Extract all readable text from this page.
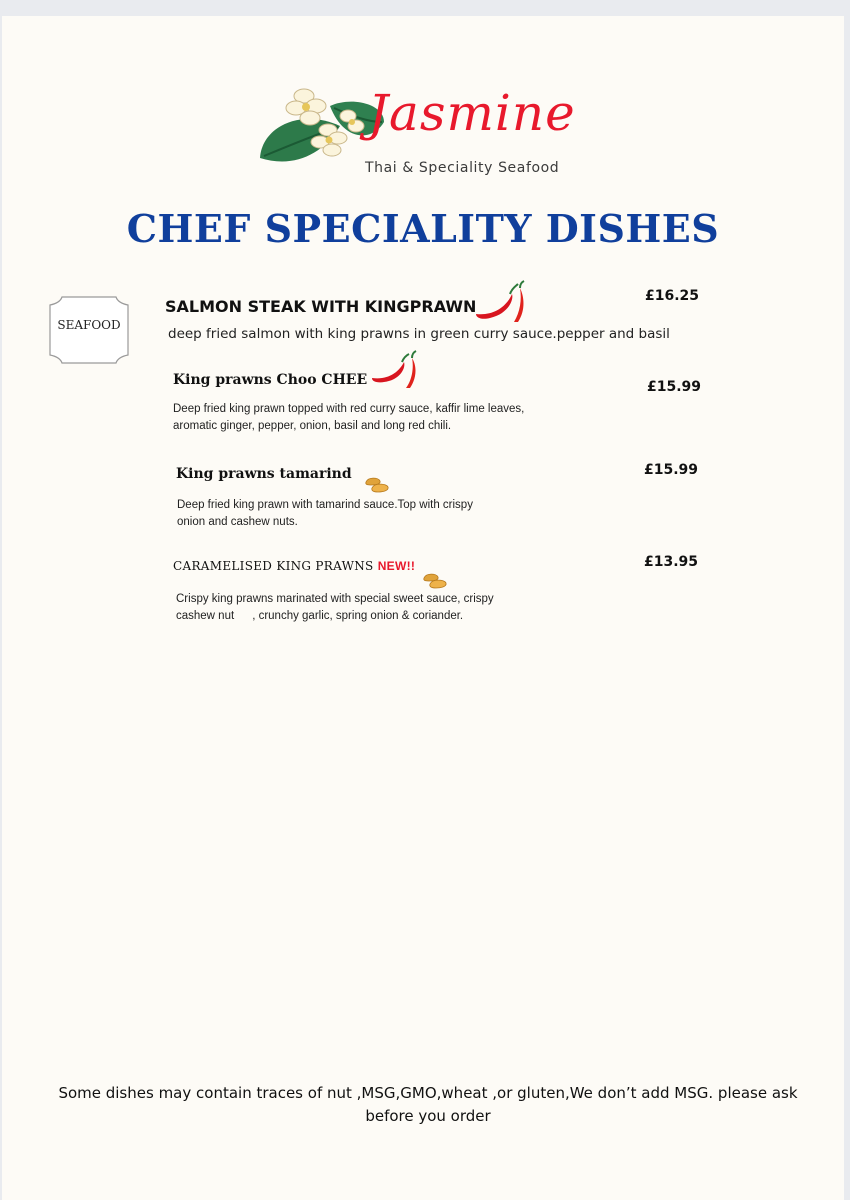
Jasmine
Thai & Speciality Seafood
CHEF SPECIALITY DISHES
SEAFOOD
SALMON STEAK WITH KINGPRAWN
£16.25
deep fried salmon with king prawns in green curry sauce.pepper and basil
King prawns Choo CHEE	£15.99
Deep fried king prawn topped with red curry sauce, kaffir lime leaves, aromatic ginger, pepper, onion, basil and long red chili.
King prawns tamarind	£15.99
Deep fried king prawn with tamarind sauce.Top with crispy onion and cashew nuts.
CARAMELISED KING PRAWNS NEW!!	£13.95
Crispy king prawns marinated with special sweet sauce, crispy cashew nut , crunchy garlic, spring onion & coriander.
Some dishes may contain traces of nut ,MSG,GMO,wheat ,or gluten,We don’t add MSG. please ask before you order
